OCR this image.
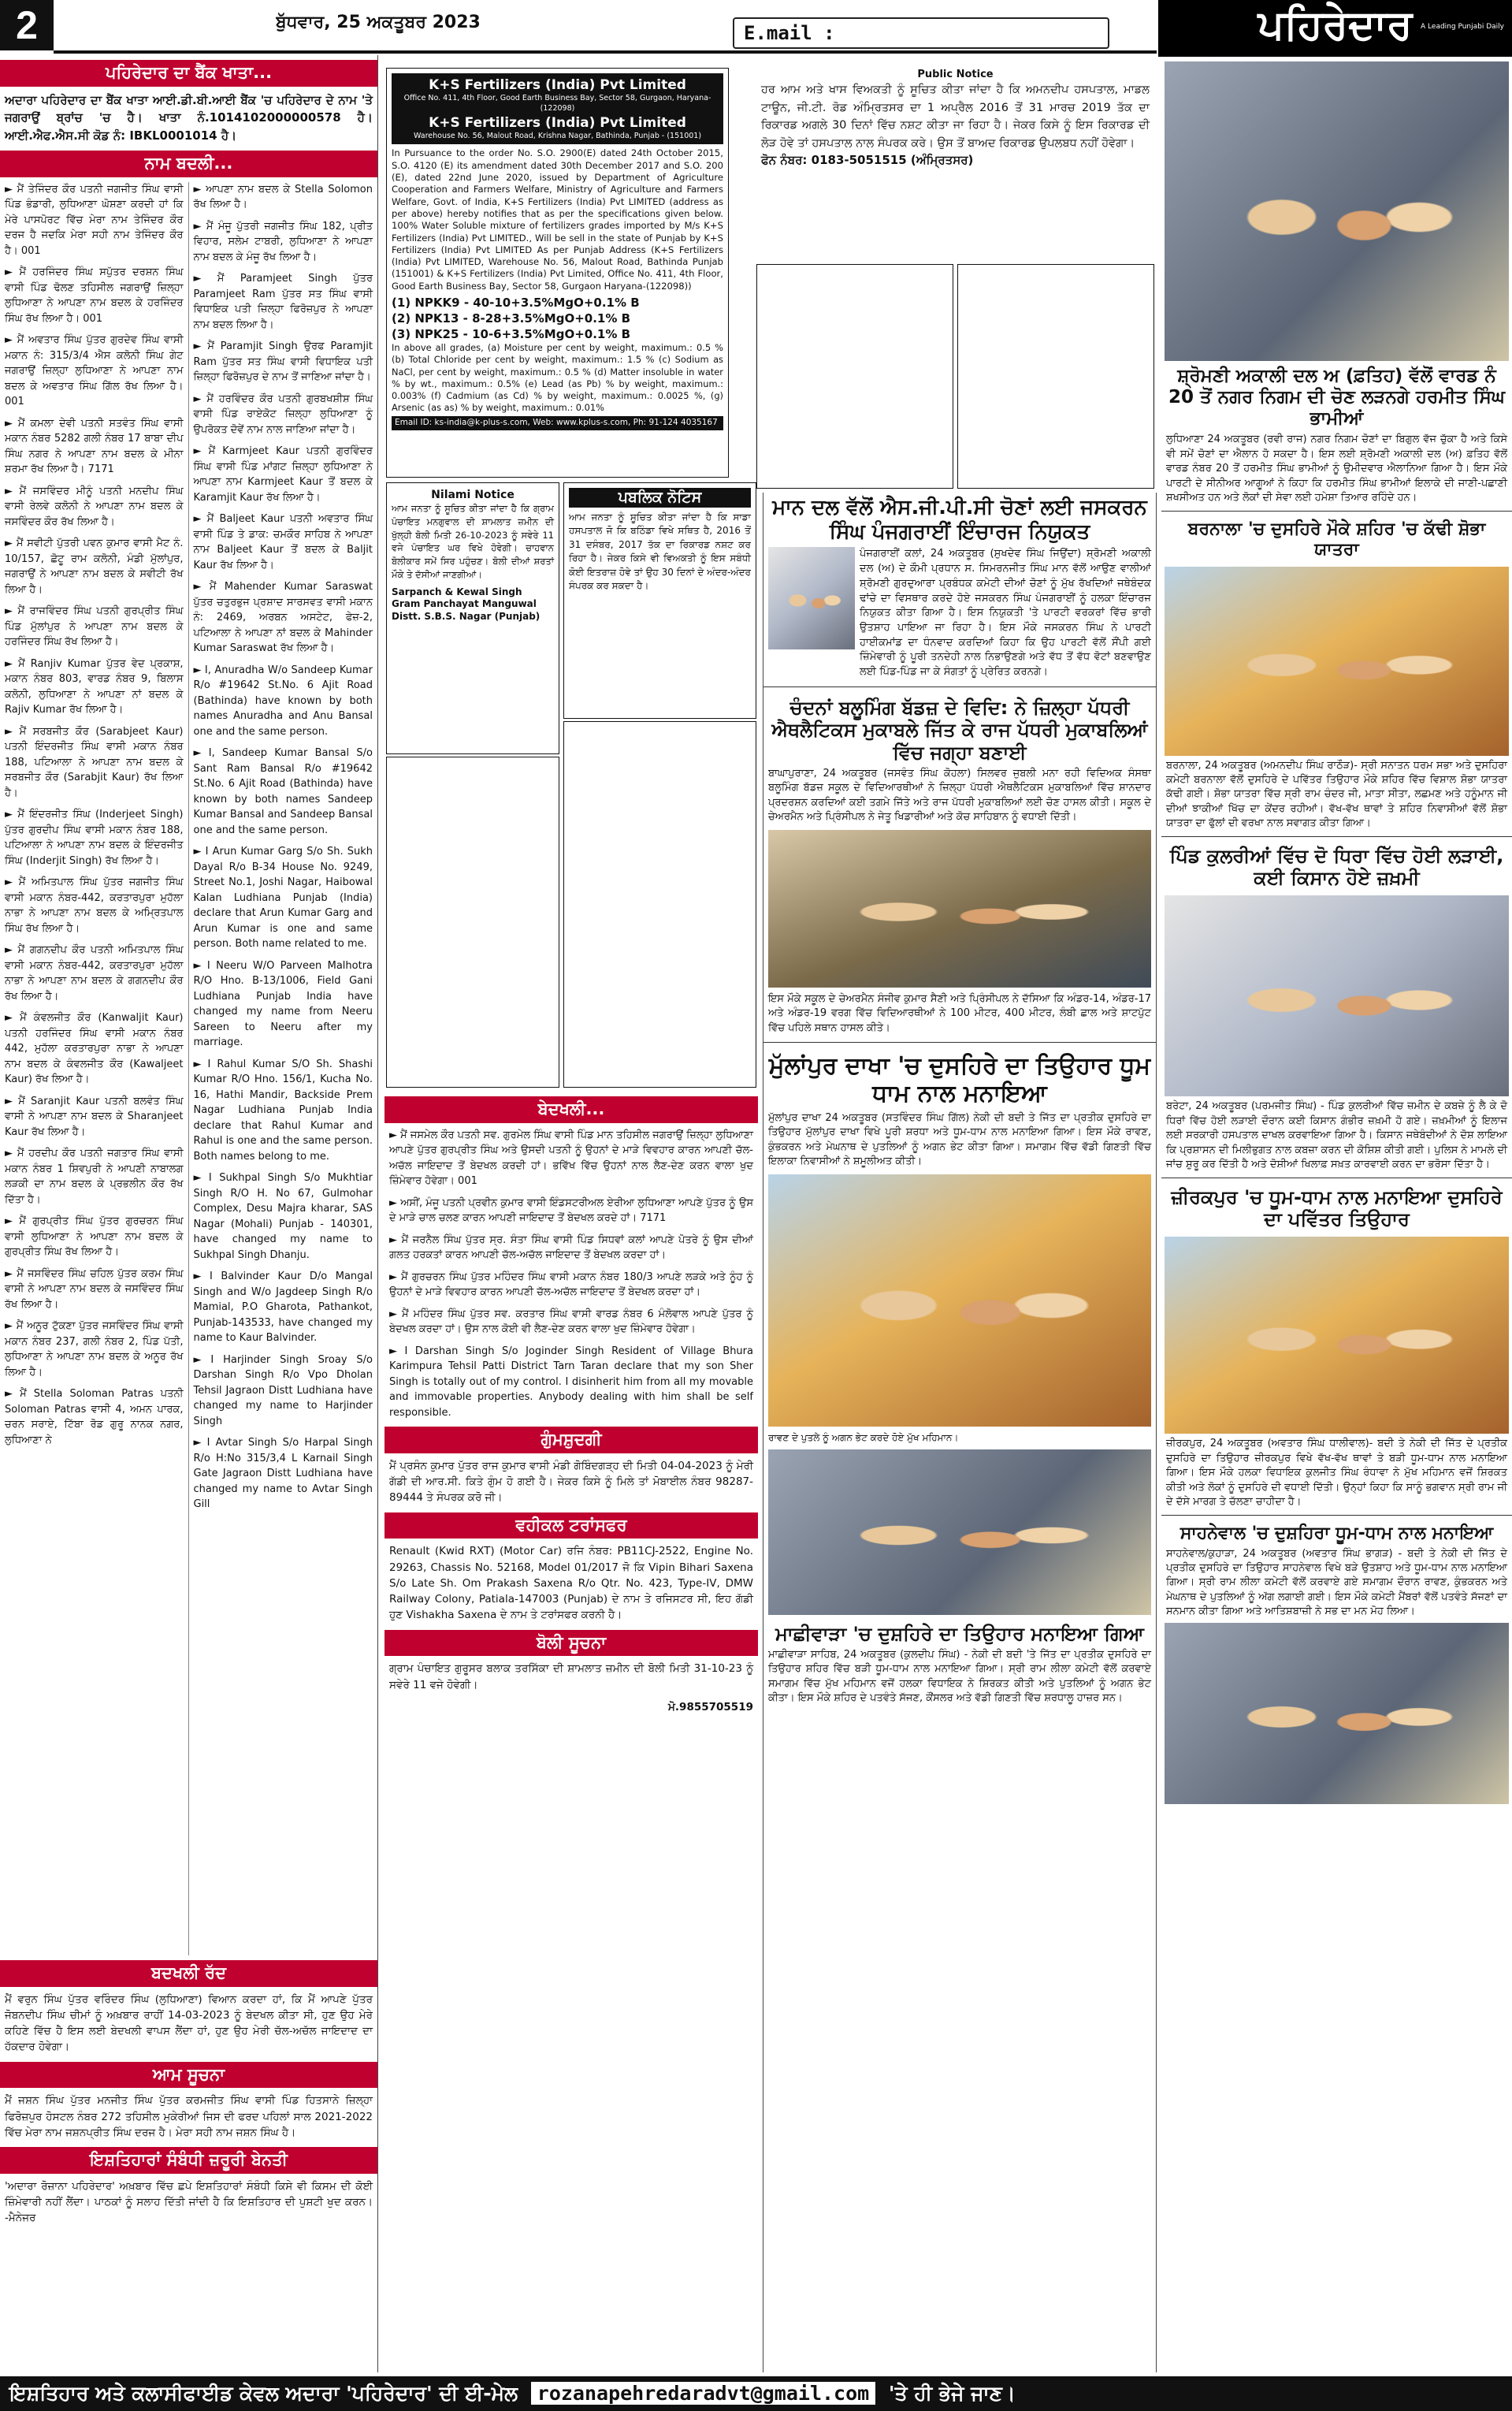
2	ਬੁੱਧਵਾਰ, 25 ਅਕਤੂਬਰ 2023	E.mail :	ਪਹਿਰੇਦਾਰ A Leading Punjabi Daily
ਪਹਿਰੇਦਾਰ ਦਾ ਬੈਂਕ ਖਾਤਾ...
ਅਦਾਰਾ ਪਹਿਰੇਦਾਰ ਦਾ ਬੈਂਕ ਖਾਤਾ ਆਈ.ਡੀ.ਬੀ.ਆਈ ਬੈਂਕ 'ਚ ਪਹਿਰੇਦਾਰ ਦੇ ਨਾਮ 'ਤੇ ਜਗਰਾਉਂ ਬ੍ਰਾਂਚ 'ਚ ਹੈ। ਖਾਤਾ ਨੰ.1014102000000578 ਹੈ।ਆਈ.ਐਫ.ਐਸ.ਸੀ ਕੋਡ ਨੰ: IBKL0001014 ਹੈ।
ਨਾਮ ਬਦਲੀ...
► ਮੈਂ ਤੇਜਿੰਦਰ ਕੌਰ ਪਤਨੀ ਜਗਜੀਤ ਸਿੰਘ ਵਾਸੀ ਪਿੰਡ ਭੰਡਾਰੀ, ਲੁਧਿਆਣਾ ਘੋਸ਼ਣਾ ਕਰਦੀ ਹਾਂ ਕਿ ਮੇਰੇ ਪਾਸਪੋਰਟ ਵਿੱਚ ਮੇਰਾ ਨਾਮ ਤੇਜਿੰਦਰ ਕੌਰ ਦਰਜ ਹੈ ਜਦਕਿ ਮੇਰਾ ਸਹੀ ਨਾਮ ਤੇਜਿੰਦਰ ਕੌਰ ਹੈ। 001
► ਮੈਂ ਹਰਜਿੰਦਰ ਸਿੰਘ ਸਪੁੱਤਰ ਦਰਸ਼ਨ ਸਿੰਘ ਵਾਸੀ ਪਿੰਡ ਢੋਲਣ ਤਹਿਸੀਲ ਜਗਰਾਉਂ ਜ਼ਿਲ੍ਹਾ ਲੁਧਿਆਣਾ ਨੇ ਆਪਣਾ ਨਾਮ ਬਦਲ ਕੇ ਹਰਜਿੰਦਰ ਸਿੰਘ ਰੱਖ ਲਿਆ ਹੈ। 001
► ਮੈਂ ਅਵਤਾਰ ਸਿੰਘ ਪੁੱਤਰ ਗੁਰਦੇਵ ਸਿੰਘ ਵਾਸੀ ਮਕਾਨ ਨੰ: 315/3/4 ਐਸ ਕਲੋਨੀ ਸਿੰਘ ਗੇਟ ਜਗਰਾਉਂ ਜ਼ਿਲ੍ਹਾ ਲੁਧਿਆਣਾ ਨੇ ਆਪਣਾ ਨਾਮ ਬਦਲ ਕੇ ਅਵਤਾਰ ਸਿੰਘ ਗਿੱਲ ਰੱਖ ਲਿਆ ਹੈ। 001
► ਮੈਂ ਕਮਲਾ ਦੇਵੀ ਪਤਨੀ ਸਤਵੰਤ ਸਿੰਘ ਵਾਸੀ ਮਕਾਨ ਨੰਬਰ 5282 ਗਲੀ ਨੰਬਰ 17 ਬਾਬਾ ਦੀਪ ਸਿੰਘ ਨਗਰ ਨੇ ਆਪਣਾ ਨਾਮ ਬਦਲ ਕੇ ਮੀਨਾ ਸ਼ਰਮਾ ਰੱਖ ਲਿਆ ਹੈ। 7171
► ਮੈਂ ਜਸਵਿੰਦਰ ਮੀਨੂੰ ਪਤਨੀ ਮਨਦੀਪ ਸਿੰਘ ਵਾਸੀ ਰੇਲਵੇ ਕਲੋਨੀ ਨੇ ਆਪਣਾ ਨਾਮ ਬਦਲ ਕੇ ਜਸਵਿੰਦਰ ਕੌਰ ਰੱਖ ਲਿਆ ਹੈ।
► ਮੈਂ ਸਵੀਟੀ ਪੁੱਤਰੀ ਪਵਨ ਕੁਮਾਰ ਵਾਸੀ ਮੈਟ ਨੰ. 10/157, ਛੋਟੂ ਰਾਮ ਕਲੋਨੀ, ਮੰਡੀ ਮੁੱਲਾਂਪੁਰ, ਜਗਰਾਉਂ ਨੇ ਆਪਣਾ ਨਾਮ ਬਦਲ ਕੇ ਸਵੀਟੀ ਰੱਖ ਲਿਆ ਹੈ।
► ਮੈਂ ਰਾਜਵਿੰਦਰ ਸਿੰਘ ਪਤਨੀ ਗੁਰਪ੍ਰੀਤ ਸਿੰਘ ਪਿੰਡ ਮੁੱਲਾਂਪੁਰ ਨੇ ਆਪਣਾ ਨਾਮ ਬਦਲ ਕੇ ਹਰਜਿੰਦਰ ਸਿੰਘ ਰੱਖ ਲਿਆ ਹੈ।
► ਮੈਂ Ranjiv Kumar ਪੁੱਤਰ ਵੇਦ ਪ੍ਰਕਾਸ਼, ਮਕਾਨ ਨੰਬਰ 803, ਵਾਰਡ ਨੰਬਰ 9, ਬਿਲਾਸ ਕਲੋਨੀ, ਲੁਧਿਆਣਾ ਨੇ ਆਪਣਾ ਨਾਂ ਬਦਲ ਕੇ Rajiv Kumar ਰੱਖ ਲਿਆ ਹੈ।
► ਮੈਂ ਸਰਬਜੀਤ ਕੌਰ (Sarabjeet Kaur) ਪਤਨੀ ਇੰਦਰਜੀਤ ਸਿੰਘ ਵਾਸੀ ਮਕਾਨ ਨੰਬਰ 188, ਪਟਿਆਲਾ ਨੇ ਆਪਣਾ ਨਾਮ ਬਦਲ ਕੇ ਸਰਬਜੀਤ ਕੌਰ (Sarabjit Kaur) ਰੱਖ ਲਿਆ ਹੈ।
► ਮੈਂ ਇੰਦਰਜੀਤ ਸਿੰਘ (Inderjeet Singh) ਪੁੱਤਰ ਗੁਰਦੀਪ ਸਿੰਘ ਵਾਸੀ ਮਕਾਨ ਨੰਬਰ 188, ਪਟਿਆਲਾ ਨੇ ਆਪਣਾ ਨਾਮ ਬਦਲ ਕੇ ਇੰਦਰਜੀਤ ਸਿੰਘ (Inderjit Singh) ਰੱਖ ਲਿਆ ਹੈ।
► ਮੈਂ ਅਮਿਤਪਾਲ ਸਿੰਘ ਪੁੱਤਰ ਜਗਜੀਤ ਸਿੰਘ ਵਾਸੀ ਮਕਾਨ ਨੰਬਰ-442, ਕਰਤਾਰਪੁਰਾ ਮੁਹੱਲਾ ਨਾਭਾ ਨੇ ਆਪਣਾ ਨਾਮ ਬਦਲ ਕੇ ਅਮ੍ਰਿਤਪਾਲ ਸਿੰਘ ਰੱਖ ਲਿਆ ਹੈ।
► ਮੈਂ ਗਗਨਦੀਪ ਕੌਰ ਪਤਨੀ ਅਮਿਤਪਾਲ ਸਿੰਘ ਵਾਸੀ ਮਕਾਨ ਨੰਬਰ-442, ਕਰਤਾਰਪੁਰਾ ਮੁਹੱਲਾ ਨਾਭਾ ਨੇ ਆਪਣਾ ਨਾਮ ਬਦਲ ਕੇ ਗਗਨਦੀਪ ਕੌਰ ਰੱਖ ਲਿਆ ਹੈ।
► ਮੈਂ ਕੰਵਲਜੀਤ ਕੌਰ (Kanwaljit Kaur) ਪਤਨੀ ਹਰਜਿੰਦਰ ਸਿੰਘ ਵਾਸੀ ਮਕਾਨ ਨੰਬਰ 442, ਮੁਹੱਲਾ ਕਰਤਾਰਪੁਰਾ ਨਾਭਾ ਨੇ ਆਪਣਾ ਨਾਮ ਬਦਲ ਕੇ ਕੰਵਲਜੀਤ ਕੌਰ (Kawaljeet Kaur) ਰੱਖ ਲਿਆ ਹੈ।
► ਮੈਂ Saranjit Kaur ਪਤਨੀ ਬਲਵੰਤ ਸਿੰਘ ਵਾਸੀ ਨੇ ਆਪਣਾ ਨਾਮ ਬਦਲ ਕੇ Sharanjeet Kaur ਰੱਖ ਲਿਆ ਹੈ।
► ਮੈਂ ਹਰਦੀਪ ਕੌਰ ਪਤਨੀ ਜਗਤਾਰ ਸਿੰਘ ਵਾਸੀ ਮਕਾਨ ਨੰਬਰ 1 ਸ਼ਿਵਪੁਰੀ ਨੇ ਆਪਣੀ ਨਾਬਾਲਗ ਲੜਕੀ ਦਾ ਨਾਮ ਬਦਲ ਕੇ ਪ੍ਰਭਲੀਨ ਕੌਰ ਰੱਖ ਦਿੱਤਾ ਹੈ।
► ਮੈਂ ਗੁਰਪ੍ਰੀਤ ਸਿੰਘ ਪੁੱਤਰ ਗੁਰਚਰਨ ਸਿੰਘ ਵਾਸੀ ਲੁਧਿਆਣਾ ਨੇ ਆਪਣਾ ਨਾਮ ਬਦਲ ਕੇ ਗੁਰਪ੍ਰੀਤ ਸਿੰਘ ਰੱਖ ਲਿਆ ਹੈ।
► ਮੈਂ ਜਸਵਿੰਦਰ ਸਿੰਘ ਚਹਿਲ ਪੁੱਤਰ ਕਰਮ ਸਿੰਘ ਵਾਸੀ ਨੇ ਆਪਣਾ ਨਾਮ ਬਦਲ ਕੇ ਜਸਵਿੰਦਰ ਸਿੰਘ ਰੱਖ ਲਿਆ ਹੈ।
► ਮੈਂ ਅਨੂਰ ਟੁੱਕਣਾ ਪੁੱਤਰ ਜਸਵਿੰਦਰ ਸਿੰਘ ਵਾਸੀ ਮਕਾਨ ਨੰਬਰ 237, ਗਲੀ ਨੰਬਰ 2, ਪਿੰਡ ਪੱਤੀ, ਲੁਧਿਆਣਾ ਨੇ ਆਪਣਾ ਨਾਮ ਬਦਲ ਕੇ ਅਨੂਰ ਰੱਖ ਲਿਆ ਹੈ।
► ਮੈਂ Stella Soloman Patras ਪਤਨੀ Soloman Patras ਵਾਸੀ 4, ਅਮਨ ਪਾਰਕ, ਚਰਨ ਸਰਾਏ, ਟਿੱਬਾ ਰੋਡ ਗੁਰੂ ਨਾਨਕ ਨਗਰ, ਲੁਧਿਆਣਾ ਨੇ
► ਆਪਣਾ ਨਾਮ ਬਦਲ ਕੇ Stella Solomon ਰੱਖ ਲਿਆ ਹੈ।
► ਮੈਂ ਮੰਜੂ ਪੁੱਤਰੀ ਜਗਜੀਤ ਸਿੰਘ 182, ਪ੍ਰੀਤ ਵਿਹਾਰ, ਸਲੇਮ ਟਾਬਰੀ, ਲੁਧਿਆਣਾ ਨੇ ਆਪਣਾ ਨਾਮ ਬਦਲ ਕੇ ਮੰਜੂ ਰੱਖ ਲਿਆ ਹੈ।
► ਮੈਂ Paramjeet Singh ਪੁੱਤਰ Paramjeet Ram ਪੁੱਤਰ ਸਤ ਸਿੰਘ ਵਾਸੀ ਵਿਧਾਇਕ ਪਤੀ ਜ਼ਿਲ੍ਹਾ ਫਿਰੋਜ਼ਪੁਰ ਨੇ ਆਪਣਾ ਨਾਮ ਬਦਲ ਲਿਆ ਹੈ।
► ਮੈਂ Paramjit Singh ਉਰਫ Paramjit Ram ਪੁੱਤਰ ਸਤ ਸਿੰਘ ਵਾਸੀ ਵਿਧਾਇਕ ਪਤੀ ਜ਼ਿਲ੍ਹਾ ਫਿਰੋਜ਼ਪੁਰ ਦੇ ਨਾਮ ਤੋਂ ਜਾਣਿਆ ਜਾਂਦਾ ਹੈ।
► ਮੈਂ ਹਰਵਿੰਦਰ ਕੌਰ ਪਤਨੀ ਗੁਰਬਖਸ਼ੀਸ਼ ਸਿੰਘ ਵਾਸੀ ਪਿੰਡ ਰਾਏਕੋਟ ਜ਼ਿਲ੍ਹਾ ਲੁਧਿਆਣਾ ਨੂੰ ਉਪਰੋਕਤ ਦੋਵੇਂ ਨਾਮ ਨਾਲ ਜਾਣਿਆ ਜਾਂਦਾ ਹੈ।
► ਮੈਂ Karmjeet Kaur ਪਤਨੀ ਗੁਰਵਿੰਦਰ ਸਿੰਘ ਵਾਸੀ ਪਿੰਡ ਮਾਂਗਟ ਜ਼ਿਲ੍ਹਾ ਲੁਧਿਆਣਾ ਨੇ ਆਪਣਾ ਨਾਮ Karmjeet Kaur ਤੋਂ ਬਦਲ ਕੇ Karamjit Kaur ਰੱਖ ਲਿਆ ਹੈ।
► ਮੈਂ Baljeet Kaur ਪਤਨੀ ਅਵਤਾਰ ਸਿੰਘ ਵਾਸੀ ਪਿੰਡ ਤੇ ਡਾਕ: ਚਮਕੌਰ ਸਾਹਿਬ ਨੇ ਆਪਣਾ ਨਾਮ Baljeet Kaur ਤੋਂ ਬਦਲ ਕੇ Baljit Kaur ਰੱਖ ਲਿਆ ਹੈ।
► ਮੈਂ Mahender Kumar Saraswat ਪੁੱਤਰ ਚਤੁਰਭੁਜ ਪ੍ਰਸ਼ਾਦ ਸਾਰਸਵਤ ਵਾਸੀ ਮਕਾਨ ਨੰ: 2469, ਅਰਬਨ ਅਸਟੇਟ, ਫੇਜ਼-2, ਪਟਿਆਲਾ ਨੇ ਆਪਣਾ ਨਾਂ ਬਦਲ ਕੇ Mahinder Kumar Saraswat ਰੱਖ ਲਿਆ ਹੈ।
► I, Anuradha W/o Sandeep Kumar R/o #19642 St.No. 6 Ajit Road (Bathinda) have known by both names Anuradha and Anu Bansal one and the same person.
► I, Sandeep Kumar Bansal S/o Sant Ram Bansal R/o #19642 St.No. 6 Ajit Road (Bathinda) have known by both names Sandeep Kumar Bansal and Sandeep Bansal one and the same person.
► I Arun Kumar Garg S/o Sh. Sukh Dayal R/o B-34 House No. 9249, Street No.1, Joshi Nagar, Haibowal Kalan Ludhiana Punjab (India) declare that Arun Kumar Garg and Arun Kumar is one and same person. Both name related to me.
► I Neeru W/O Parveen Malhotra R/O Hno. B-13/1006, Field Gani Ludhiana Punjab India have changed my name from Neeru Sareen to Neeru after my marriage.
► I Rahul Kumar S/O Sh. Shashi Kumar R/O Hno. 156/1, Kucha No. 16, Hathi Mandir, Backside Prem Nagar Ludhiana Punjab India declare that Rahul Kumar and Rahul is one and the same person. Both names belong to me.
► I Sukhpal Singh S/o Mukhtiar Singh R/O H. No 67, Gulmohar Complex, Desu Majra kharar, SAS Nagar (Mohali) Punjab - 140301, have changed my name to Sukhpal Singh Dhanju.
► I Balvinder Kaur D/o Mangal Singh and W/o Jagdeep Singh R/o Mamial, P.O Gharota, Pathankot, Punjab-143533, have changed my name to Kaur Balvinder.
► I Harjinder Singh Sroay S/o Darshan Singh R/o Vpo Dholan Tehsil Jagraon Distt Ludhiana have changed my name to Harjinder Singh
► I Avtar Singh S/o Harpal Singh R/o H:No 315/3,4 L Karnail Singh Gate Jagraon Distt Ludhiana have changed my name to Avtar Singh Gill
ਬਦਖਲੀ ਰੱਦ
ਮੈਂ ਵਰੁਨ ਸਿੰਘ ਪੁੱਤਰ ਵਰਿੰਦਰ ਸਿੰਘ (ਲੁਧਿਆਣਾ) ਵਿਆਨ ਕਰਦਾ ਹਾਂ, ਕਿ ਮੈਂ ਆਪਣੇ ਪੁੱਤਰ ਜੋਬਨਦੀਪ ਸਿੰਘ ਚੀਮਾਂ ਨੂੰ ਅਖ਼ਬਾਰ ਰਾਹੀਂ 14-03-2023 ਨੂੰ ਬੇਦਖਲ ਕੀਤਾ ਸੀ, ਹੁਣ ਉਹ ਮੇਰੇ ਕਹਿਣੇ ਵਿੱਚ ਹੈ ਇਸ ਲਈ ਬੇਦਖਲੀ ਵਾਪਸ ਲੈਂਦਾ ਹਾਂ, ਹੁਣ ਉਹ ਮੇਰੀ ਚੱਲ-ਅਚੱਲ ਜਾਇਦਾਦ ਦਾ ਹੱਕਦਾਰ ਹੋਵੇਗਾ।
ਆਮ ਸੂਚਨਾ
ਮੈਂ ਜਸ਼ਨ ਸਿੰਘ ਪੁੱਤਰ ਮਨਜੀਤ ਸਿੰਘ ਪੁੱਤਰ ਕਰਮਜੀਤ ਸਿੰਘ ਵਾਸੀ ਪਿੰਡ ਹਿਤਸਾਨੇ ਜ਼ਿਲ੍ਹਾ ਫਿਰੋਜ਼ਪੁਰ ਹੋਸਟਲ ਨੰਬਰ 272 ਤਹਿਸੀਲ ਮੁਕੇਰੀਆਂ ਜਿਸ ਦੀ ਫਰਦ ਪਹਿਲਾਂ ਸਾਲ 2021-2022 ਵਿੱਚ ਮੇਰਾ ਨਾਮ ਜਸ਼ਨਪ੍ਰੀਤ ਸਿੰਘ ਦਰਜ ਹੈ। ਮੇਰਾ ਸਹੀ ਨਾਮ ਜਸ਼ਨ ਸਿੰਘ ਹੈ।
ਇਸ਼ਤਿਹਾਰਾਂ ਸੰਬੰਧੀ ਜ਼ਰੂਰੀ ਬੇਨਤੀ
'ਅਦਾਰਾ ਰੋਜ਼ਾਨਾ ਪਹਿਰੇਦਾਰ' ਅਖ਼ਬਾਰ ਵਿੱਚ ਛਪੇ ਇਸ਼ਤਿਹਾਰਾਂ ਸੰਬੰਧੀ ਕਿਸੇ ਵੀ ਕਿਸਮ ਦੀ ਕੋਈ ਜ਼ਿੰਮੇਵਾਰੀ ਨਹੀਂ ਲੈਂਦਾ। ਪਾਠਕਾਂ ਨੂੰ ਸਲਾਹ ਦਿੱਤੀ ਜਾਂਦੀ ਹੈ ਕਿ ਇਸ਼ਤਿਹਾਰ ਦੀ ਪੁਸ਼ਟੀ ਖੁਦ ਕਰਨ। -ਮੈਨੇਜਰ
K+S Fertilizers (India) Pvt Limited
Office No. 411, 4th Floor, Good Earth Business Bay, Sector 58, Gurgaon, Haryana-(122098)
K+S Fertilizers (India) Pvt Limited
Warehouse No. 56, Malout Road, Krishna Nagar, Bathinda, Punjab - (151001)
In Pursuance to the order No. S.O. 2900(E) dated 24th October 2015, S.O. 4120 (E) its amendment dated 30th December 2017 and S.O. 200 (E), dated 22nd June 2020, issued by Department of Agriculture Cooperation and Farmers Welfare, Ministry of Agriculture and Farmers Welfare, Govt. of India, K+S Fertilizers (India) Pvt LIMITED (address as per above) hereby notifies that as per the specifications given below. 100% Water Soluble mixture of fertilizers grades imported by M/s K+S Fertilizers (India) Pvt LIMITED., Will be sell in the state of Punjab by K+S Fertilizers (India) Pvt LIMITED As per Punjab Address (K+S Fertilizers (India) Pvt LIMITED, Warehouse No. 56, Malout Road, Bathinda Punjab (151001) & K+S Fertilizers (India) Pvt Limited, Office No. 411, 4th Floor, Good Earth Business Bay, Sector 58, Gurgaon Haryana-(122098))
(1) NPKK9 - 40-10+3.5%MgO+0.1% B
(2) NPK13 - 8-28+3.5%MgO+0.1% B
(3) NPK25 - 10-6+3.5%MgO+0.1% B
In above all grades, (a) Moisture per cent by weight, maximum.: 0.5 % (b) Total Chloride per cent by weight, maximum.: 1.5 % (c) Sodium as NaCl, per cent by weight, maximum.: 0.5 % (d) Matter insoluble in water % by wt., maximum.: 0.5% (e) Lead (as Pb) % by weight, maximum.: 0.003% (f) Cadmium (as Cd) % by weight, maximum.: 0.0025 %, (g) Arsenic (as as) % by weight, maximum.: 0.01%
Email ID: ks-india@k-plus-s.com, Web: www.kplus-s.com, Ph: 91-124 4035167
Public Notice
ਹਰ ਆਮ ਅਤੇ ਖਾਸ ਵਿਅਕਤੀ ਨੂੰ ਸੂਚਿਤ ਕੀਤਾ ਜਾਂਦਾ ਹੈ ਕਿ ਅਮਨਦੀਪ ਹਸਪਤਾਲ, ਮਾਡਲ ਟਾਊਨ, ਜੀ.ਟੀ. ਰੋਡ ਅੰਮ੍ਰਿਤਸਰ ਦਾ 1 ਅਪ੍ਰੈਲ 2016 ਤੋਂ 31 ਮਾਰਚ 2019 ਤੱਕ ਦਾ ਰਿਕਾਰਡ ਅਗਲੇ 30 ਦਿਨਾਂ ਵਿੱਚ ਨਸ਼ਟ ਕੀਤਾ ਜਾ ਰਿਹਾ ਹੈ। ਜੇਕਰ ਕਿਸੇ ਨੂੰ ਇਸ ਰਿਕਾਰਡ ਦੀ ਲੋੜ ਹੋਵੇ ਤਾਂ ਹਸਪਤਾਲ ਨਾਲ ਸੰਪਰਕ ਕਰੇ। ਉਸ ਤੋਂ ਬਾਅਦ ਰਿਕਾਰਡ ਉਪਲਬਧ ਨਹੀਂ ਹੋਵੇਗਾ।
ਫੋਨ ਨੰਬਰ: 0183-5051515 (ਅੰਮ੍ਰਿਤਸਰ)
Nilami Notice
ਆਮ ਜਨਤਾ ਨੂੰ ਸੂਚਿਤ ਕੀਤਾ ਜਾਂਦਾ ਹੈ ਕਿ ਗ੍ਰਾਮ ਪੰਚਾਇਤ ਮਨਗੁਵਾਲ ਦੀ ਸ਼ਾਮਲਾਤ ਜ਼ਮੀਨ ਦੀ ਖੁੱਲ੍ਹੀ ਬੋਲੀ ਮਿਤੀ 26-10-2023 ਨੂੰ ਸਵੇਰੇ 11 ਵਜੇ ਪੰਚਾਇਤ ਘਰ ਵਿਖੇ ਹੋਵੇਗੀ। ਚਾਹਵਾਨ ਬੋਲੀਕਾਰ ਸਮੇਂ ਸਿਰ ਪਹੁੰਚਣ। ਬੋਲੀ ਦੀਆਂ ਸ਼ਰਤਾਂ ਮੌਕੇ ਤੇ ਦੱਸੀਆਂ ਜਾਣਗੀਆਂ।
Sarpanch & Kewal Singh Gram Panchayat Manguwal Distt. S.B.S. Nagar (Punjab)
ਪਬਲਿਕ ਨੋਟਿਸ
ਆਮ ਜਨਤਾ ਨੂੰ ਸੂਚਿਤ ਕੀਤਾ ਜਾਂਦਾ ਹੈ ਕਿ ਸਾਡਾ ਹਸਪਤਾਲ ਜੋ ਕਿ ਬਠਿੰਡਾ ਵਿਖੇ ਸਥਿਤ ਹੈ, 2016 ਤੋਂ 31 ਦਸੰਬਰ, 2017 ਤੱਕ ਦਾ ਰਿਕਾਰਡ ਨਸ਼ਟ ਕਰ ਰਿਹਾ ਹੈ। ਜੇਕਰ ਕਿਸੇ ਵੀ ਵਿਅਕਤੀ ਨੂੰ ਇਸ ਸਬੰਧੀ ਕੋਈ ਇਤਰਾਜ਼ ਹੋਵੇ ਤਾਂ ਉਹ 30 ਦਿਨਾਂ ਦੇ ਅੰਦਰ-ਅੰਦਰ ਸੰਪਰਕ ਕਰ ਸਕਦਾ ਹੈ।
ਬੇਦਖਲੀ...
► ਮੈਂ ਜਸਮੇਲ ਕੌਰ ਪਤਨੀ ਸਵ. ਗੁਰਮੇਲ ਸਿੰਘ ਵਾਸੀ ਪਿੰਡ ਮਾਨ ਤਹਿਸੀਲ ਜਗਰਾਉਂ ਜ਼ਿਲ੍ਹਾ ਲੁਧਿਆਣਾ ਆਪਣੇ ਪੁੱਤਰ ਗੁਰਪ੍ਰੀਤ ਸਿੰਘ ਅਤੇ ਉਸਦੀ ਪਤਨੀ ਨੂੰ ਉਹਨਾਂ ਦੇ ਮਾੜੇ ਵਿਵਹਾਰ ਕਾਰਨ ਆਪਣੀ ਚੱਲ-ਅਚੱਲ ਜਾਇਦਾਦ ਤੋਂ ਬੇਦਖਲ ਕਰਦੀ ਹਾਂ। ਭਵਿੱਖ ਵਿੱਚ ਉਹਨਾਂ ਨਾਲ ਲੈਣ-ਦੇਣ ਕਰਨ ਵਾਲਾ ਖੁਦ ਜ਼ਿੰਮੇਵਾਰ ਹੋਵੇਗਾ। 001
► ਅਸੀਂ, ਮੰਜੂ ਪਤਨੀ ਪ੍ਰਵੀਨ ਕੁਮਾਰ ਵਾਸੀ ਇੰਡਸਟਰੀਅਲ ਏਰੀਆ ਲੁਧਿਆਣਾ ਆਪਣੇ ਪੁੱਤਰ ਨੂੰ ਉਸ ਦੇ ਮਾੜੇ ਚਾਲ ਚਲਣ ਕਾਰਨ ਆਪਣੀ ਜਾਇਦਾਦ ਤੋਂ ਬੇਦਖਲ ਕਰਦੇ ਹਾਂ। 7171
► ਮੈਂ ਜਰਨੈਲ ਸਿੰਘ ਪੁੱਤਰ ਸ੍ਰ. ਸੰਤਾ ਸਿੰਘ ਵਾਸੀ ਪਿੰਡ ਸਿਧਵਾਂ ਕਲਾਂ ਆਪਣੇ ਪੋਤਰੇ ਨੂੰ ਉਸ ਦੀਆਂ ਗਲਤ ਹਰਕਤਾਂ ਕਾਰਨ ਆਪਣੀ ਚੱਲ-ਅਚੱਲ ਜਾਇਦਾਦ ਤੋਂ ਬੇਦਖਲ ਕਰਦਾ ਹਾਂ।
► ਮੈਂ ਗੁਰਚਰਨ ਸਿੰਘ ਪੁੱਤਰ ਮਹਿੰਦਰ ਸਿੰਘ ਵਾਸੀ ਮਕਾਨ ਨੰਬਰ 180/3 ਆਪਣੇ ਲੜਕੇ ਅਤੇ ਨੂੰਹ ਨੂੰ ਉਹਨਾਂ ਦੇ ਮਾੜੇ ਵਿਵਹਾਰ ਕਾਰਨ ਆਪਣੀ ਚੱਲ-ਅਚੱਲ ਜਾਇਦਾਦ ਤੋਂ ਬੇਦਖਲ ਕਰਦਾ ਹਾਂ।
► ਮੈਂ ਮਹਿੰਦਰ ਸਿੰਘ ਪੁੱਤਰ ਸਵ. ਕਰਤਾਰ ਸਿੰਘ ਵਾਸੀ ਵਾਰਡ ਨੰਬਰ 6 ਮੰਲੋਵਾਲ ਆਪਣੇ ਪੁੱਤਰ ਨੂੰ ਬੇਦਖਲ ਕਰਦਾ ਹਾਂ। ਉਸ ਨਾਲ ਕੋਈ ਵੀ ਲੈਣ-ਦੇਣ ਕਰਨ ਵਾਲਾ ਖੁਦ ਜ਼ਿੰਮੇਵਾਰ ਹੋਵੇਗਾ।
► I Darshan Singh S/o Joginder Singh Resident of Village Bhura Karimpura Tehsil Patti District Tarn Taran declare that my son Sher Singh is totally out of my control. I disinherit him from all my movable and immovable properties. Anybody dealing with him shall be self responsible.
ਗੁੰਮਸ਼ੁਦਗੀ
ਮੈਂ ਪ੍ਰਸੰਨ ਕੁਮਾਰ ਪੁੱਤਰ ਰਾਜ ਕੁਮਾਰ ਵਾਸੀ ਮੰਡੀ ਗੋਬਿੰਦਗੜ੍ਹ ਦੀ ਮਿਤੀ 04-04-2023 ਨੂੰ ਮੇਰੀ ਗੱਡੀ ਦੀ ਆਰ.ਸੀ. ਕਿਤੇ ਗੁੰਮ ਹੋ ਗਈ ਹੈ। ਜੇਕਰ ਕਿਸੇ ਨੂੰ ਮਿਲੇ ਤਾਂ ਮੋਬਾਈਲ ਨੰਬਰ 98287-89444 ਤੇ ਸੰਪਰਕ ਕਰੋ ਜੀ।
ਵਹੀਕਲ ਟਰਾਂਸਫਰ
Renault (Kwid RXT) (Motor Car) ਰਜਿ ਨੰਬਰ: PB11CJ-2522, Engine No. 29263, Chassis No. 52168, Model 01/2017 ਜੋ ਕਿ Vipin Bihari Saxena S/o Late Sh. Om Prakash Saxena R/o Qtr. No. 423, Type-IV, DMW Railway Colony, Patiala-147003 (Punjab) ਦੇ ਨਾਮ ਤੇ ਰਜਿਸਟਰ ਸੀ, ਇਹ ਗੱਡੀ ਹੁਣ Vishakha Saxena ਦੇ ਨਾਮ ਤੇ ਟਰਾਂਸਫਰ ਕਰਨੀ ਹੈ।
ਬੋਲੀ ਸੂਚਨਾ
ਗ੍ਰਾਮ ਪੰਚਾਇਤ ਗੁਰੂਸਰ ਬਲਾਕ ਤਰਸਿੱਕਾ ਦੀ ਸ਼ਾਮਲਾਤ ਜ਼ਮੀਨ ਦੀ ਬੋਲੀ ਮਿਤੀ 31-10-23 ਨੂੰ ਸਵੇਰੇ 11 ਵਜੇ ਹੋਵੇਗੀ।
ਮੋ.9855705519
ਮਾਨ ਦਲ ਵੱਲੋਂ ਐਸ.ਜੀ.ਪੀ.ਸੀ ਚੋਣਾਂ ਲਈ ਜਸਕਰਨ ਸਿੰਘ ਪੰਜਗਰਾਈਂ ਇੰਚਾਰਜ ਨਿਯੁਕਤ
ਪੰਜਗਰਾਈਂ ਕਲਾਂ, 24 ਅਕਤੂਬਰ (ਸੁਖਦੇਵ ਸਿੰਘ ਜਿਉਂਦਾ) ਸ਼੍ਰੋਮਣੀ ਅਕਾਲੀ ਦਲ (ਅ) ਦੇ ਕੌਮੀ ਪ੍ਰਧਾਨ ਸ. ਸਿਮਰਨਜੀਤ ਸਿੰਘ ਮਾਨ ਵੱਲੋਂ ਆਉਣ ਵਾਲੀਆਂ ਸ਼੍ਰੋਮਣੀ ਗੁਰਦੁਆਰਾ ਪ੍ਰਬੰਧਕ ਕਮੇਟੀ ਦੀਆਂ ਚੋਣਾਂ ਨੂੰ ਮੁੱਖ ਰੱਖਦਿਆਂ ਜਥੇਬੰਦਕ ਢਾਂਚੇ ਦਾ ਵਿਸਥਾਰ ਕਰਦੇ ਹੋਏ ਜਸਕਰਨ ਸਿੰਘ ਪੰਜਗਰਾਈਂ ਨੂੰ ਹਲਕਾ ਇੰਚਾਰਜ ਨਿਯੁਕਤ ਕੀਤਾ ਗਿਆ ਹੈ। ਇਸ ਨਿਯੁਕਤੀ 'ਤੇ ਪਾਰਟੀ ਵਰਕਰਾਂ ਵਿੱਚ ਭਾਰੀ ਉਤਸ਼ਾਹ ਪਾਇਆ ਜਾ ਰਿਹਾ ਹੈ। ਇਸ ਮੌਕੇ ਜਸਕਰਨ ਸਿੰਘ ਨੇ ਪਾਰਟੀ ਹਾਈਕਮਾਂਡ ਦਾ ਧੰਨਵਾਦ ਕਰਦਿਆਂ ਕਿਹਾ ਕਿ ਉਹ ਪਾਰਟੀ ਵੱਲੋਂ ਸੌਂਪੀ ਗਈ ਜ਼ਿੰਮੇਵਾਰੀ ਨੂੰ ਪੂਰੀ ਤਨਦੇਹੀ ਨਾਲ ਨਿਭਾਉਣਗੇ ਅਤੇ ਵੱਧ ਤੋਂ ਵੱਧ ਵੋਟਾਂ ਬਣਵਾਉਣ ਲਈ ਪਿੰਡ-ਪਿੰਡ ਜਾ ਕੇ ਸੰਗਤਾਂ ਨੂੰ ਪ੍ਰੇਰਿਤ ਕਰਨਗੇ।
ਚੰਦਨਾਂ ਬਲੂਮਿੰਗ ਬੱਡਜ਼ ਦੇ ਵਿਦਿ: ਨੇ ਜ਼ਿਲ੍ਹਾ ਪੱਧਰੀ ਐਥਲੈਟਿਕਸ ਮੁਕਾਬਲੇ ਜਿੱਤ ਕੇ ਰਾਜ ਪੱਧਰੀ ਮੁਕਾਬਲਿਆਂ ਵਿੱਚ ਜਗ੍ਹਾ ਬਣਾਈ
ਬਾਘਾਪੁਰਾਣਾ, 24 ਅਕਤੂਬਰ (ਜਸਵੰਤ ਸਿੰਘ ਕੋਹਲਾ) ਸਿਲਵਰ ਜੁਬਲੀ ਮਨਾ ਰਹੀ ਵਿਦਿਅਕ ਸੰਸਥਾ ਬਲੂਮਿੰਗ ਬੱਡਜ਼ ਸਕੂਲ ਦੇ ਵਿਦਿਆਰਥੀਆਂ ਨੇ ਜ਼ਿਲ੍ਹਾ ਪੱਧਰੀ ਐਥਲੈਟਿਕਸ ਮੁਕਾਬਲਿਆਂ ਵਿੱਚ ਸ਼ਾਨਦਾਰ ਪ੍ਰਦਰਸ਼ਨ ਕਰਦਿਆਂ ਕਈ ਤਗਮੇ ਜਿੱਤੇ ਅਤੇ ਰਾਜ ਪੱਧਰੀ ਮੁਕਾਬਲਿਆਂ ਲਈ ਚੋਣ ਹਾਸਲ ਕੀਤੀ। ਸਕੂਲ ਦੇ ਚੇਅਰਮੈਨ ਅਤੇ ਪ੍ਰਿੰਸੀਪਲ ਨੇ ਜੇਤੂ ਖਿਡਾਰੀਆਂ ਅਤੇ ਕੋਚ ਸਾਹਿਬਾਨ ਨੂੰ ਵਧਾਈ ਦਿੱਤੀ।
ਇਸ ਮੌਕੇ ਸਕੂਲ ਦੇ ਚੇਅਰਮੈਨ ਸੰਜੀਵ ਕੁਮਾਰ ਸੈਣੀ ਅਤੇ ਪ੍ਰਿੰਸੀਪਲ ਨੇ ਦੱਸਿਆ ਕਿ ਅੰਡਰ-14, ਅੰਡਰ-17 ਅਤੇ ਅੰਡਰ-19 ਵਰਗ ਵਿੱਚ ਵਿਦਿਆਰਥੀਆਂ ਨੇ 100 ਮੀਟਰ, 400 ਮੀਟਰ, ਲੰਬੀ ਛਾਲ ਅਤੇ ਸ਼ਾਟਪੁੱਟ ਵਿੱਚ ਪਹਿਲੇ ਸਥਾਨ ਹਾਸਲ ਕੀਤੇ।
ਮੁੱਲਾਂਪੁਰ ਦਾਖਾ 'ਚ ਦੁਸਹਿਰੇ ਦਾ ਤਿਉਹਾਰ ਧੂਮ ਧਾਮ ਨਾਲ ਮਨਾਇਆ
ਮੁੱਲਾਂਪੁਰ ਦਾਖਾ 24 ਅਕਤੂਬਰ (ਸਤਵਿੰਦਰ ਸਿੰਘ ਗਿੱਲ) ਨੇਕੀ ਦੀ ਬਦੀ ਤੇ ਜਿੱਤ ਦਾ ਪ੍ਰਤੀਕ ਦੁਸਹਿਰੇ ਦਾ ਤਿਉਹਾਰ ਮੁੱਲਾਂਪੁਰ ਦਾਖਾ ਵਿਖੇ ਪੂਰੀ ਸ਼ਰਧਾ ਅਤੇ ਧੂਮ-ਧਾਮ ਨਾਲ ਮਨਾਇਆ ਗਿਆ। ਇਸ ਮੌਕੇ ਰਾਵਣ, ਕੁੰਭਕਰਨ ਅਤੇ ਮੇਘਨਾਥ ਦੇ ਪੁਤਲਿਆਂ ਨੂੰ ਅਗਨ ਭੇਟ ਕੀਤਾ ਗਿਆ। ਸਮਾਗਮ ਵਿੱਚ ਵੱਡੀ ਗਿਣਤੀ ਵਿੱਚ ਇਲਾਕਾ ਨਿਵਾਸੀਆਂ ਨੇ ਸ਼ਮੂਲੀਅਤ ਕੀਤੀ।
ਰਾਵਣ ਦੇ ਪੁਤਲੇ ਨੂੰ ਅਗਨ ਭੇਟ ਕਰਦੇ ਹੋਏ ਮੁੱਖ ਮਹਿਮਾਨ।
ਮਾਛੀਵਾੜਾ 'ਚ ਦੁਸ਼ਹਿਰੇ ਦਾ ਤਿਉਹਾਰ ਮਨਾਇਆ ਗਿਆ
ਮਾਛੀਵਾੜਾ ਸਾਹਿਬ, 24 ਅਕਤੂਬਰ (ਕੁਲਦੀਪ ਸਿੰਘ) - ਨੇਕੀ ਦੀ ਬਦੀ 'ਤੇ ਜਿੱਤ ਦਾ ਪ੍ਰਤੀਕ ਦੁਸਹਿਰੇ ਦਾ ਤਿਉਹਾਰ ਸ਼ਹਿਰ ਵਿੱਚ ਬੜੀ ਧੂਮ-ਧਾਮ ਨਾਲ ਮਨਾਇਆ ਗਿਆ। ਸ੍ਰੀ ਰਾਮ ਲੀਲਾ ਕਮੇਟੀ ਵੱਲੋਂ ਕਰਵਾਏ ਸਮਾਗਮ ਵਿੱਚ ਮੁੱਖ ਮਹਿਮਾਨ ਵਜੋਂ ਹਲਕਾ ਵਿਧਾਇਕ ਨੇ ਸ਼ਿਰਕਤ ਕੀਤੀ ਅਤੇ ਪੁਤਲਿਆਂ ਨੂੰ ਅਗਨ ਭੇਟ ਕੀਤਾ। ਇਸ ਮੌਕੇ ਸ਼ਹਿਰ ਦੇ ਪਤਵੰਤੇ ਸੱਜਣ, ਕੌਂਸਲਰ ਅਤੇ ਵੱਡੀ ਗਿਣਤੀ ਵਿੱਚ ਸ਼ਰਧਾਲੂ ਹਾਜ਼ਰ ਸਨ।
ਸ਼੍ਰੋਮਣੀ ਅਕਾਲੀ ਦਲ ਅ (ਫ਼ਤਿਹ) ਵੱਲੋਂ ਵਾਰਡ ਨੰ 20 ਤੋਂ ਨਗਰ ਨਿਗਮ ਦੀ ਚੋਣ ਲੜਨਗੇ ਹਰਮੀਤ ਸਿੰਘ ਭਾਮੀਆਂ
ਲੁਧਿਆਣਾ 24 ਅਕਤੂਬਰ (ਰਵੀ ਰਾਜ) ਨਗਰ ਨਿਗਮ ਚੋਣਾਂ ਦਾ ਬਿਗੁਲ ਵੱਜ ਚੁੱਕਾ ਹੈ ਅਤੇ ਕਿਸੇ ਵੀ ਸਮੇਂ ਚੋਣਾਂ ਦਾ ਐਲਾਨ ਹੋ ਸਕਦਾ ਹੈ। ਇਸ ਲਈ ਸ਼੍ਰੋਮਣੀ ਅਕਾਲੀ ਦਲ (ਅ) ਫ਼ਤਿਹ ਵੱਲੋਂ ਵਾਰਡ ਨੰਬਰ 20 ਤੋਂ ਹਰਮੀਤ ਸਿੰਘ ਭਾਮੀਆਂ ਨੂੰ ਉਮੀਦਵਾਰ ਐਲਾਨਿਆ ਗਿਆ ਹੈ। ਇਸ ਮੌਕੇ ਪਾਰਟੀ ਦੇ ਸੀਨੀਅਰ ਆਗੂਆਂ ਨੇ ਕਿਹਾ ਕਿ ਹਰਮੀਤ ਸਿੰਘ ਭਾਮੀਆਂ ਇਲਾਕੇ ਦੀ ਜਾਣੀ-ਪਛਾਣੀ ਸ਼ਖਸੀਅਤ ਹਨ ਅਤੇ ਲੋਕਾਂ ਦੀ ਸੇਵਾ ਲਈ ਹਮੇਸ਼ਾ ਤਿਆਰ ਰਹਿੰਦੇ ਹਨ।
ਬਰਨਾਲਾ 'ਚ ਦੁਸਹਿਰੇ ਮੌਕੇ ਸ਼ਹਿਰ 'ਚ ਕੱਢੀ ਸ਼ੋਭਾ ਯਾਤਰਾ
ਬਰਨਾਲਾ, 24 ਅਕਤੂਬਰ (ਅਮਨਦੀਪ ਸਿੰਘ ਰਾਠੌੜ)- ਸ੍ਰੀ ਸਨਾਤਨ ਧਰਮ ਸਭਾ ਅਤੇ ਦੁਸਹਿਰਾ ਕਮੇਟੀ ਬਰਨਾਲਾ ਵੱਲੋਂ ਦੁਸਹਿਰੇ ਦੇ ਪਵਿੱਤਰ ਤਿਉਹਾਰ ਮੌਕੇ ਸ਼ਹਿਰ ਵਿੱਚ ਵਿਸ਼ਾਲ ਸ਼ੋਭਾ ਯਾਤਰਾ ਕੱਢੀ ਗਈ। ਸ਼ੋਭਾ ਯਾਤਰਾ ਵਿੱਚ ਸ੍ਰੀ ਰਾਮ ਚੰਦਰ ਜੀ, ਮਾਤਾ ਸੀਤਾ, ਲਛਮਣ ਅਤੇ ਹਨੂੰਮਾਨ ਜੀ ਦੀਆਂ ਝਾਕੀਆਂ ਖਿੱਚ ਦਾ ਕੇਂਦਰ ਰਹੀਆਂ। ਵੱਖ-ਵੱਖ ਥਾਵਾਂ ਤੇ ਸ਼ਹਿਰ ਨਿਵਾਸੀਆਂ ਵੱਲੋਂ ਸ਼ੋਭਾ ਯਾਤਰਾ ਦਾ ਫੁੱਲਾਂ ਦੀ ਵਰਖਾ ਨਾਲ ਸਵਾਗਤ ਕੀਤਾ ਗਿਆ।
ਪਿੰਡ ਕੁਲਰੀਆਂ ਵਿੱਚ ਦੋ ਧਿਰਾ ਵਿੱਚ ਹੋਈ ਲੜਾਈ, ਕਈ ਕਿਸਾਨ ਹੋਏ ਜ਼ਖ਼ਮੀ
ਬਰੇਟਾ, 24 ਅਕਤੂਬਰ (ਪਰਮਜੀਤ ਸਿੰਘ) - ਪਿੰਡ ਕੁਲਰੀਆਂ ਵਿੱਚ ਜ਼ਮੀਨ ਦੇ ਕਬਜ਼ੇ ਨੂੰ ਲੈ ਕੇ ਦੋ ਧਿਰਾਂ ਵਿੱਚ ਹੋਈ ਲੜਾਈ ਦੌਰਾਨ ਕਈ ਕਿਸਾਨ ਗੰਭੀਰ ਜ਼ਖ਼ਮੀ ਹੋ ਗਏ। ਜ਼ਖ਼ਮੀਆਂ ਨੂੰ ਇਲਾਜ ਲਈ ਸਰਕਾਰੀ ਹਸਪਤਾਲ ਦਾਖਲ ਕਰਵਾਇਆ ਗਿਆ ਹੈ। ਕਿਸਾਨ ਜਥੇਬੰਦੀਆਂ ਨੇ ਦੋਸ਼ ਲਾਇਆ ਕਿ ਪ੍ਰਸ਼ਾਸਨ ਦੀ ਮਿਲੀਭੁਗਤ ਨਾਲ ਕਬਜ਼ਾ ਕਰਨ ਦੀ ਕੋਸ਼ਿਸ਼ ਕੀਤੀ ਗਈ। ਪੁਲਿਸ ਨੇ ਮਾਮਲੇ ਦੀ ਜਾਂਚ ਸ਼ੁਰੂ ਕਰ ਦਿੱਤੀ ਹੈ ਅਤੇ ਦੋਸ਼ੀਆਂ ਖਿਲਾਫ਼ ਸਖ਼ਤ ਕਾਰਵਾਈ ਕਰਨ ਦਾ ਭਰੋਸਾ ਦਿੱਤਾ ਹੈ।
ਜ਼ੀਰਕਪੁਰ 'ਚ ਧੂਮ-ਧਾਮ ਨਾਲ ਮਨਾਇਆ ਦੁਸਹਿਰੇ ਦਾ ਪਵਿੱਤਰ ਤਿਉਹਾਰ
ਜ਼ੀਰਕਪੁਰ, 24 ਅਕਤੂਬਰ (ਅਵਤਾਰ ਸਿੰਘ ਧਾਲੀਵਾਲ)- ਬਦੀ ਤੇ ਨੇਕੀ ਦੀ ਜਿੱਤ ਦੇ ਪ੍ਰਤੀਕ ਦੁਸਹਿਰੇ ਦਾ ਤਿਉਹਾਰ ਜ਼ੀਰਕਪੁਰ ਵਿਖੇ ਵੱਖ-ਵੱਖ ਥਾਵਾਂ ਤੇ ਬੜੀ ਧੂਮ-ਧਾਮ ਨਾਲ ਮਨਾਇਆ ਗਿਆ। ਇਸ ਮੌਕੇ ਹਲਕਾ ਵਿਧਾਇਕ ਕੁਲਜੀਤ ਸਿੰਘ ਰੰਧਾਵਾ ਨੇ ਮੁੱਖ ਮਹਿਮਾਨ ਵਜੋਂ ਸ਼ਿਰਕਤ ਕੀਤੀ ਅਤੇ ਲੋਕਾਂ ਨੂੰ ਦੁਸਹਿਰੇ ਦੀ ਵਧਾਈ ਦਿੱਤੀ। ਉਨ੍ਹਾਂ ਕਿਹਾ ਕਿ ਸਾਨੂੰ ਭਗਵਾਨ ਸ੍ਰੀ ਰਾਮ ਜੀ ਦੇ ਦੱਸੇ ਮਾਰਗ ਤੇ ਚੱਲਣਾ ਚਾਹੀਦਾ ਹੈ।
ਸਾਹਨੇਵਾਲ 'ਚ ਦੁਸ਼ਹਿਰਾ ਧੂਮ-ਧਾਮ ਨਾਲ ਮਨਾਇਆ
ਸਾਹਨੇਵਾਲ/ਕੁਹਾੜਾ, 24 ਅਕਤੂਬਰ (ਅਵਤਾਰ ਸਿੰਘ ਭਾਗੜ) - ਬਦੀ ਤੇ ਨੇਕੀ ਦੀ ਜਿੱਤ ਦੇ ਪ੍ਰਤੀਕ ਦੁਸਹਿਰੇ ਦਾ ਤਿਉਹਾਰ ਸਾਹਨੇਵਾਲ ਵਿਖੇ ਬੜੇ ਉਤਸ਼ਾਹ ਅਤੇ ਧੂਮ-ਧਾਮ ਨਾਲ ਮਨਾਇਆ ਗਿਆ। ਸ੍ਰੀ ਰਾਮ ਲੀਲਾ ਕਮੇਟੀ ਵੱਲੋਂ ਕਰਵਾਏ ਗਏ ਸਮਾਗਮ ਦੌਰਾਨ ਰਾਵਣ, ਕੁੰਭਕਰਨ ਅਤੇ ਮੇਘਨਾਥ ਦੇ ਪੁਤਲਿਆਂ ਨੂੰ ਅੱਗ ਲਗਾਈ ਗਈ। ਇਸ ਮੌਕੇ ਕਮੇਟੀ ਮੈਂਬਰਾਂ ਵੱਲੋਂ ਪਤਵੰਤੇ ਸੱਜਣਾਂ ਦਾ ਸਨਮਾਨ ਕੀਤਾ ਗਿਆ ਅਤੇ ਆਤਿਸ਼ਬਾਜ਼ੀ ਨੇ ਸਭ ਦਾ ਮਨ ਮੋਹ ਲਿਆ।
ਇਸ਼ਤਿਹਾਰ ਅਤੇ ਕਲਾਸੀਫਾਈਡ ਕੇਵਲ ਅਦਾਰਾ 'ਪਹਿਰੇਦਾਰ' ਦੀ ਈ-ਮੇਲ rozanapehredaradvt@gmail.com 'ਤੇ ਹੀ ਭੇਜੇ ਜਾਣ।
